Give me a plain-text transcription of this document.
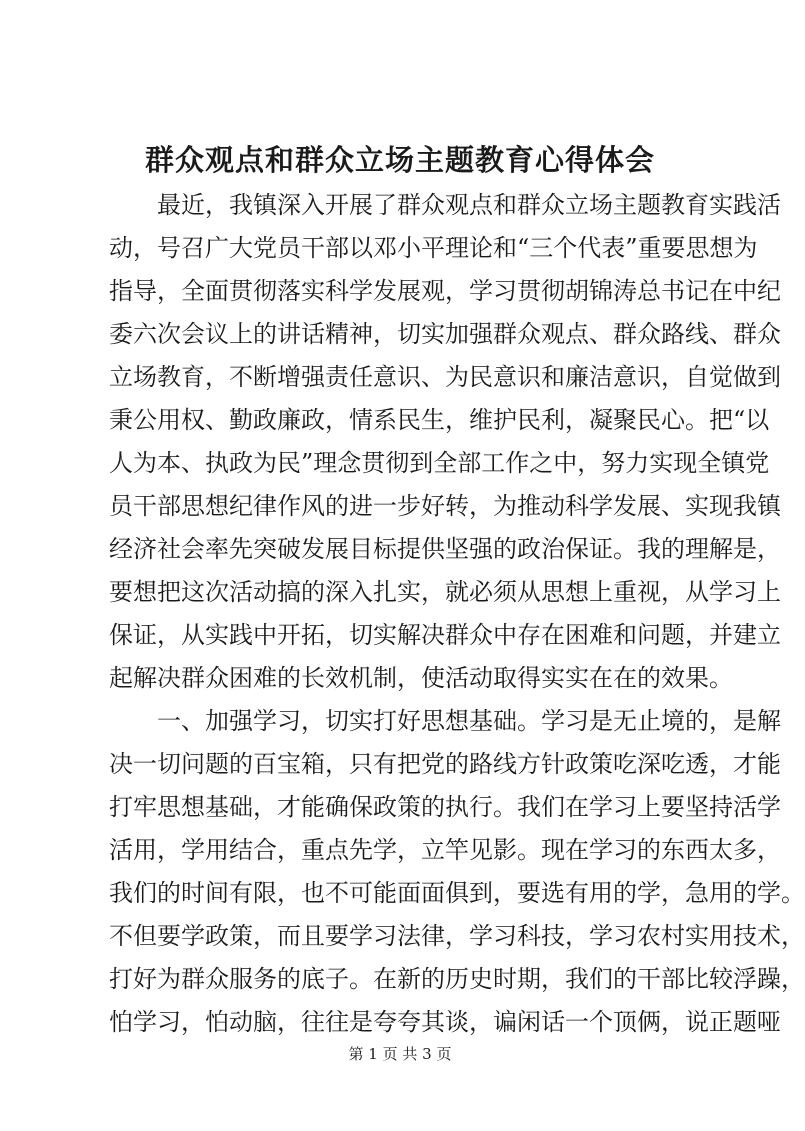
群众观点和群众立场主题教育心得体会
最近，我镇深入开展了群众观点和群众立场主题教育实践活
动，号召广大党员干部以邓小平理论和“三个代表”重要思想为
指导，全面贯彻落实科学发展观，学习贯彻胡锦涛总书记在中纪
委六次会议上的讲话精神，切实加强群众观点、群众路线、群众
立场教育，不断增强责任意识、为民意识和廉洁意识，自觉做到
秉公用权、勤政廉政，情系民生，维护民利，凝聚民心。把“以
人为本、执政为民”理念贯彻到全部工作之中，努力实现全镇党
员干部思想纪律作风的进一步好转，为推动科学发展、实现我镇
经济社会率先突破发展目标提供坚强的政治保证。我的理解是，
要想把这次活动搞的深入扎实，就必须从思想上重视，从学习上
保证，从实践中开拓，切实解决群众中存在困难和问题，并建立
起解决群众困难的长效机制，使活动取得实实在在的效果。
一、加强学习，切实打好思想基础。学习是无止境的，是解
决一切问题的百宝箱，只有把党的路线方针政策吃深吃透，才能
打牢思想基础，才能确保政策的执行。我们在学习上要坚持活学
活用，学用结合，重点先学，立竿见影。现在学习的东西太多，
我们的时间有限，也不可能面面俱到，要选有用的学，急用的学。
不但要学政策，而且要学习法律，学习科技，学习农村实用技术，
打好为群众服务的底子。在新的历史时期，我们的干部比较浮躁，
怕学习，怕动脑，往往是夸夸其谈，谝闲话一个顶俩，说正题哑
第 1 页 共 3 页
